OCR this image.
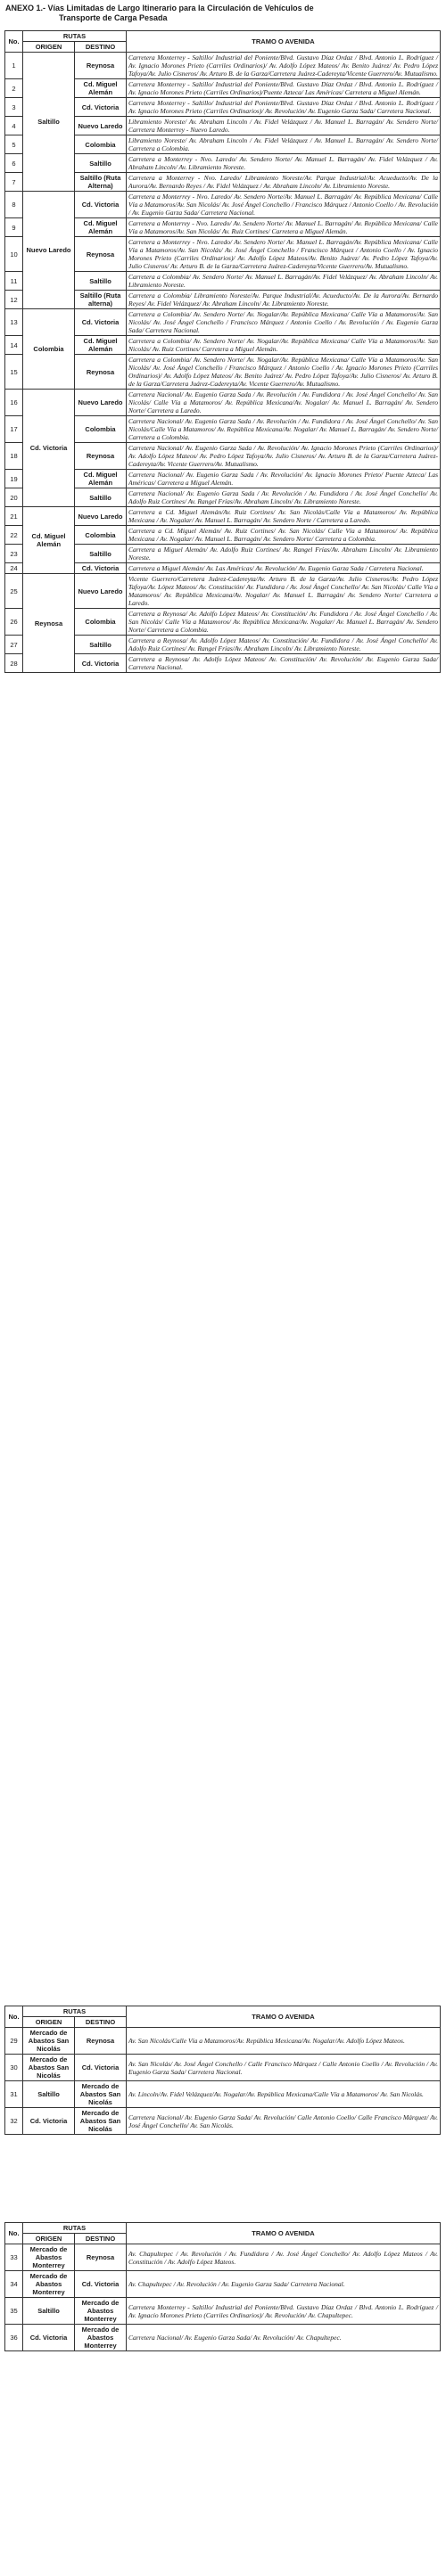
ANEXO 1.- Vías Limitadas de Largo Itinerario para la Circulación de Vehículos de
Transporte de Carga Pesada
No.	RUTAS		TRAMO O AVENIDA
	ORIGEN	DESTINO	
1	Saltillo	Reynosa	Carretera Monterrey - Saltillo/ Industrial del Poniente/Blvd. Gustavo Díaz Ordaz / Blvd. Antonio L. Rodríguez / Av. Ignacio Morones Prieto (Carriles Ordinarios)/ Av. Adolfo López Mateos/ Av. Benito Juárez/ Av. Pedro López Tafoya/Av. Julio Cisneros/ Av. Arturo B. de la Garza/Carretera Juárez-Cadereyta/Vicente Guerrero/Av. Mutualismo.
2		Cd. Miguel Alemán	Carretera Monterrey - Saltillo/ Industrial del Poniente/Blvd. Gustavo Díaz Ordaz / Blvd. Antonio L. Rodríguez / Av. Ignacio Morones Prieto (Carriles Ordinarios)/Puente Azteca/ Las Américas/ Carretera a Miguel Alemán.
3		Cd. Victoria	Carretera Monterrey - Saltillo/ Industrial del Poniente/Blvd. Gustavo Díaz Ordaz / Blvd. Antonio L. Rodríguez / Av. Ignacio Morones Prieto (Carriles Ordinarios)/ Av. Revolución/ Av. Eugenio Garza Sada/ Carretera Nacional.
4		Nuevo Laredo	Libramiento Noreste/ Av. Abraham Lincoln / Av. Fidel Velázquez / Av. Manuel L. Barragán/ Av. Sendero Norte/ Carretera Monterrey - Nuevo Laredo.
5		Colombia	Libramiento Noreste/ Av. Abraham Lincoln / Av. Fidel Velázquez / Av. Manuel L. Barragán/ Av. Sendero Norte/ Carretera a Colombia.
6		Saltillo	Carretera a Monterrey - Nvo. Laredo/ Av. Sendero Norte/ Av. Manuel L. Barragán/ Av. Fidel Velázquez / Av. Abraham Lincoln/ Av. Libramiento Noreste.
7		Saltillo (Ruta Alterna)	Carretera a Monterrey - Nvo. Laredo/ Libramiento Noreste/Av. Parque Industrial/Av. Acueducto/Av. De la Aurora/Av. Bernardo Reyes / Av. Fidel Velázquez / Av. Abraham Lincoln/ Av. Libramiento Noreste.
8	Nuevo Laredo	Cd. Victoria	Carretera a Monterrey - Nvo. Laredo/ Av. Sendero Norte/Av. Manuel L. Barragán/ Av. República Mexicana/ Calle Vía a Matamoros/Av. San Nicolás/ Av. José Ángel Conchello / Francisco Márquez / Antonio Coello / Av. Revolución / Av. Eugenio Garza Sada/ Carretera Nacional.
9		Cd. Miguel Alemán	Carretera a Monterrey - Nvo. Laredo/ Av. Sendero Norte/ Av. Manuel L. Barragán/ Av. República Mexicana/ Calle Vía a Matamoros/Av. San Nicolás/ Av. Ruiz Cortines/ Carretera a Miguel Alemán.
10		Reynosa	Carretera a Monterrey - Nvo. Laredo/ Av. Sendero Norte/ Av. Manuel L. Barragán/Av. República Mexicana/ Calle Vía a Matamoros/Av. San Nicolás/ Av. José Ángel Conchello / Francisco Márquez / Antonio Coello / Av. Ignacio Morones Prieto (Carriles Ordinarios)/ Av. Adolfo López Mateos/Av. Benito Juárez/ Av. Pedro López Tafoya/Av. Julio Cisneros/ Av. Arturo B. de la Garza/Carretera Juárez-Cadereyta/Vicente Guerrero/Av. Mutualismo.
11		Saltillo	Carretera a Colombia/ Av. Sendero Norte/ Av. Manuel L. Barragán/Av. Fidel Velázquez/ Av. Abraham Lincoln/ Av. Libramiento Noreste.
12		Saltillo (Ruta alterna)	Carretera a Colombia/ Libramiento Noreste/Av. Parque Industrial/Av. Acueducto/Av. De la Aurora/Av. Bernardo Reyes/ Av. Fidel Velázquez/ Av. Abraham Lincoln/ Av. Libramiento Noreste.
13	Colombia	Cd. Victoria	Carretera a Colombia/ Av. Sendero Norte/ Av. Nogalar/Av. República Mexicana/ Calle Vía a Matamoros/Av. San Nicolás/ Av. José Ángel Conchello / Francisco Márquez / Antonio Coello / Av. Revolución / Av. Eugenio Garza Sada/ Carretera Nacional.
14		Cd. Miguel Alemán	Carretera a Colombia/ Av. Sendero Norte/ Av. Nogalar/Av. República Mexicana/ Calle Vía a Matamoros/Av. San Nicolás/ Av. Ruiz Cortines/ Carretera a Miguel Alemán.
15		Reynosa	Carretera a Colombia/ Av. Sendero Norte/ Av. Nogalar/Av. República Mexicana/ Calle Vía a Matamoros/Av. San Nicolás/ Av. José Ángel Conchello / Francisco Márquez / Antonio Coello / Av. Ignacio Morones Prieto (Carriles Ordinarios)/ Av. Adolfo López Mateos/ Av. Benito Juárez/ Av. Pedro López Tafoya/Av. Julio Cisneros/ Av. Arturo B. de la Garza/Carretera Juárez-Cadereyta/Av. Vicente Guerrero/Av. Mutualismo.
16	Cd. Victoria	Nuevo Laredo	Carretera Nacional/ Av. Eugenio Garza Sada / Av. Revolución / Av. Fundidora / Av. José Ángel Conchello/ Av. San Nicolás/ Calle Vía a Matamoros/ Av. República Mexicana/Av. Nogalar/ Av. Manuel L. Barragán/ Av. Sendero Norte/ Carretera a Laredo.
17		Colombia	Carretera Nacional/ Av. Eugenio Garza Sada / Av. Revolución / Av. Fundidora / Av. José Ángel Conchello/ Av. San Nicolás/Calle Vía a Matamoros/ Av. República Mexicana/Av. Nogalar/ Av. Manuel L. Barragán/ Av. Sendero Norte/ Carretera a Colombia.
18		Reynosa	Carretera Nacional/ Av. Eugenio Garza Sada / Av. Revolución/ Av. Ignacio Morones Prieto (Carriles Ordinarios)/ Av. Adolfo López Mateos/ Av. Pedro López Tafoya/Av. Julio Cisneros/ Av. Arturo B. de la Garza/Carretera Juárez-Cadereyta/Av. Vicente Guerrero/Av. Mutualismo.
19		Cd. Miguel Alemán	Carretera Nacional/ Av. Eugenio Garza Sada / Av. Revolución/ Av. Ignacio Morones Prieto/ Puente Azteca/ Las Américas/ Carretera a Miguel Alemán.
20		Saltillo	Carretera Nacional/ Av. Eugenio Garza Sada / Av. Revolución / Av. Fundidora / Av. José Ángel Conchello/ Av. Adolfo Ruiz Cortines/ Av. Rangel Frías/Av. Abraham Lincoln/ Av. Libramiento Noreste.
21	Cd. Miguel Alemán	Nuevo Laredo	Carretera a Cd. Miguel Alemán/Av. Ruiz Cortines/ Av. San Nicolás/Calle Vía a Matamoros/ Av. República Mexicana / Av. Nogalar/ Av. Manuel L. Barragán/ Av. Sendero Norte / Carretera a Laredo.
22		Colombia	Carretera a Cd. Miguel Alemán/ Av. Ruiz Cortines/ Av. San Nicolás/ Calle Vía a Matamoros/ Av. República Mexicana / Av. Nogalar/ Av. Manuel L. Barragán/ Av. Sendero Norte/ Carretera a Colombia.
23		Saltillo	Carretera a Miguel Alemán/ Av. Adolfo Ruiz Cortines/ Av. Rangel Frías/Av. Abraham Lincoln/ Av. Libramiento Noreste.
24		Cd. Victoria	Carretera a Miguel Alemán/ Av. Las Américas/ Av. Revolución/ Av. Eugenio Garza Sada / Carretera Nacional.
25	Reynosa	Nuevo Laredo	Vicente Guerrero/Carretera Juárez-Cadereyta/Av. Arturo B. de la Garza/Av. Julio Cisneros/Av. Pedro López Tafoya/Av. López Mateos/ Av. Constitución/ Av. Fundidora / Av. José Ángel Conchello/ Av. San Nicolás/ Calle Vía a Matamoros/ Av. República Mexicana/Av. Nogalar/ Av. Manuel L. Barragán/ Av. Sendero Norte/ Carretera a Laredo.
26		Colombia	Carretera a Reynosa/ Av. Adolfo López Mateos/ Av. Constitución/ Av. Fundidora / Av. José Ángel Conchello / Av. San Nicolás/ Calle Vía a Matamoros/ Av. República Mexicana/Av. Nogalar/ Av. Manuel L. Barragán/ Av. Sendero Norte/ Carretera a Colombia.
27		Saltillo	Carretera a Reynosa/ Av. Adolfo López Mateos/ Av. Constitución/ Av. Fundidora / Av. José Ángel Conchello/ Av. Adolfo Ruiz Cortines/ Av. Rangel Frías/Av. Abraham Lincoln/ Av. Libramiento Noreste.
28		Cd. Victoria	Carretera a Reynosa/ Av. Adolfo López Mateos/ Av. Constitución/ Av. Revolución/ Av. Eugenio Garza Sada/ Carretera Nacional.
No.	RUTAS		TRAMO O AVENIDA
	ORIGEN	DESTINO	
29	Mercado de Abastos San Nicolás	Reynosa	Av. San Nicolás/Calle Vía a Matamoros/Av. República Mexicana/Av. Nogalar/Av. Adolfo López Mateos.
30	Mercado de Abastos San Nicolás	Cd. Victoria	Av. San Nicolás/ Av. José Ángel Conchello / Calle Francisco Márquez / Calle Antonio Coello / Av. Revolución / Av. Eugenio Garza Sada/ Carretera Nacional.
31	Saltillo	Mercado de Abastos San Nicolás	Av. Lincoln/Av. Fidel Velázquez/Av. Nogalar/Av. República Mexicana/Calle Vía a Matamoros/ Av. San Nicolás.
32	Cd. Victoria	Mercado de Abastos San Nicolás	Carretera Nacional/ Av. Eugenio Garza Sada/ Av. Revolución/ Calle Antonio Coello/ Calle Francisco Márquez/ Av. José Ángel Conchello/ Av. San Nicolás.
No.	RUTAS		TRAMO O AVENIDA
	ORIGEN	DESTINO	
33	Mercado de Abastos Monterrey	Reynosa	Av. Chapultepec / Av. Revolución / Av. Fundidora / Av. José Ángel Conchello/ Av. Adolfo López Mateos / Av. Constitución / Av. Adolfo López Mateos.
34	Mercado de Abastos Monterrey	Cd. Victoria	Av. Chapultepec / Av. Revolución / Av. Eugenio Garza Sada/ Carretera Nacional.
35	Saltillo	Mercado de Abastos Monterrey	Carretera Monterrey - Saltillo/ Industrial del Poniente/Blvd. Gustavo Díaz Ordaz / Blvd. Antonio L. Rodríguez / Av. Ignacio Morones Prieto (Carriles Ordinarios)/ Av. Revolución/ Av. Chapultepec.
36	Cd. Victoria	Mercado de Abastos Monterrey	Carretera Nacional/ Av. Eugenio Garza Sada/ Av. Revolución/ Av. Chapultepec.
